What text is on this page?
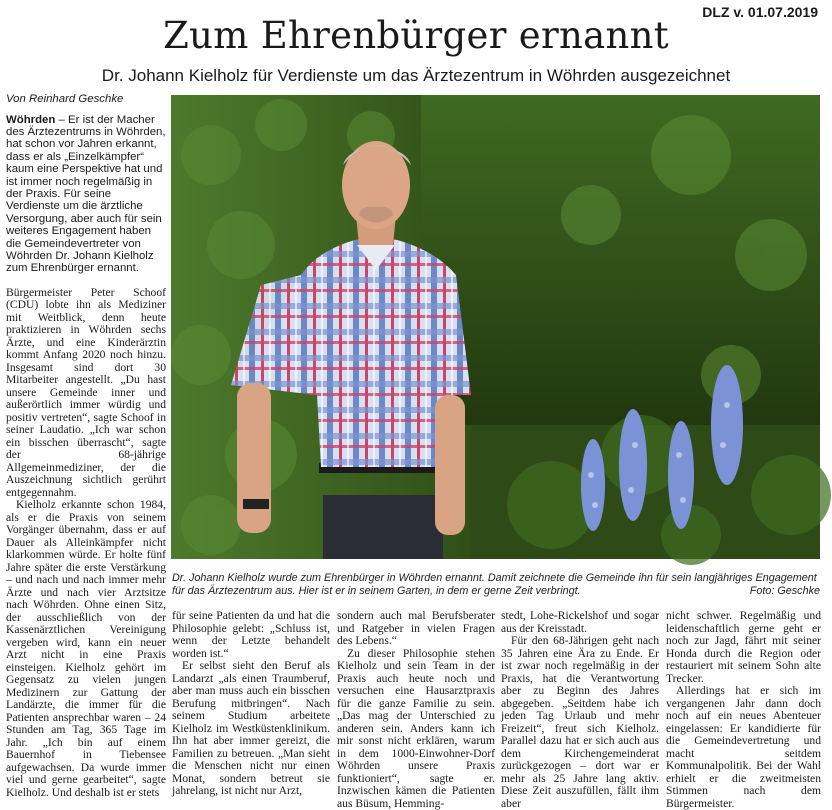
DLZ v. 01.07.2019
Zum Ehrenbürger ernannt
Dr. Johann Kielholz für Verdienste um das Ärztezentrum in Wöhrden ausgezeichnet
Von Reinhard Geschke

Wöhrden – Er ist der Macher des Ärztezentrums in Wöhrden, hat schon vor Jahren erkannt, dass er als „Einzelkämpfer“ kaum eine Perspektive hat und ist immer noch regelmäßig in der Praxis. Für seine Verdienste um die ärztliche Versorgung, aber auch für sein weiteres Engagement haben die Gemeindevertreter von Wöhrden Dr. Johann Kielholz zum Ehrenbürger ernannt.

Bürgermeister Peter Schoof (CDU) lobte ihn als Mediziner mit Weitblick, denn heute praktizieren in Wöhrden sechs Ärzte, und eine Kinderärztin kommt Anfang 2020 noch hinzu. Insgesamt sind dort 30 Mitarbeiter angestellt. „Du hast unsere Gemeinde inner und außerörtlich immer würdig und positiv vertreten“, sagte Schoof in seiner Laudatio. „Ich war schon ein bisschen überrascht“, sagte der 68-jährige Allgemeinmediziner, der die Auszeichnung sichtlich gerührt entgegennahm.

Kielholz erkannte schon 1984, als er die Praxis von seinem Vorgänger übernahm, dass er auf Dauer als Alleinkämpfer nicht klarkommen würde. Er holte fünf Jahre später die erste Verstärkung – und nach und nach immer mehr Ärzte und nach vier Arztsitze nach Wöhrden. Ohne einen Sitz, der ausschließlich von der Kassenärztlichen Vereinigung vergeben wird, kann ein neuer Arzt nicht in eine Praxis einsteigen. Kielholz gehört im Gegensatz zu vielen jungen Medizinern zur Gattung der Landärzte, die immer für die Patienten ansprechbar waren – 24 Stunden am Tag, 365 Tage im Jahr. „Ich bin auf einem Bauernhof in Tiebensee aufgewachsen. Da wurde immer viel und gerne gearbeitet“, sagte Kielholz. Und deshalb ist er stets

Dr. Johann Kielholz wurde zum Ehrenbürger in Wöhrden ernannt. Damit zeichnete die Gemeinde ihn für sein langjähriges Engagement für das Ärztezentrum aus. Hier ist er in seinem Garten, in dem er gerne Zeit verbringt.	Foto: Geschke

für seine Patienten da und hat die Philosophie gelebt: „Schluss ist, wenn der Letzte behandelt worden ist.“

Er selbst sieht den Beruf als Landarzt „als einen Traumberuf, aber man muss auch ein bisschen Berufung mitbringen“. Nach seinem Studium arbeitete Kielholz im Westküstenklinikum. Ihn hat aber immer gereizt, die Familien zu betreuen. „Man sieht die Menschen nicht nur einen Monat, sondern betreut sie jahrelang, ist nicht nur Arzt,

sondern auch mal Berufsberater und Ratgeber in vielen Fragen des Lebens.“

Zu dieser Philosophie stehen Kielholz und sein Team in der Praxis auch heute noch und versuchen eine Hausarztpraxis für die ganze Familie zu sein. „Das mag der Unterschied zu anderen sein. Anders kann ich mir sonst nicht erklären, warum in dem 1000-Einwohner-Dorf Wöhrden unsere Praxis funktioniert“, sagte er. Inzwischen kämen die Patienten aus Büsum, Hemming-

stedt, Lohe-Rickelshof und sogar aus der Kreisstadt.

Für den 68-Jährigen geht nach 35 Jahren eine Ära zu Ende. Er ist zwar noch regelmäßig in der Praxis, hat die Verantwortung aber zu Beginn des Jahres abgegeben. „Seitdem habe ich jeden Tag Urlaub und mehr Freizeit“, freut sich Kielholz. Parallel dazu hat er sich auch aus dem Kirchengemeinderat zurückgezogen – dort war er mehr als 25 Jahre lang aktiv. Diese Zeit auszufüllen, fällt ihm aber

nicht schwer. Regelmäßig und leidenschaftlich gerne geht er noch zur Jagd, fährt mit seiner Honda durch die Region oder restauriert mit seinem Sohn alte Trecker.

Allerdings hat er sich im vergangenen Jahr dann doch noch auf ein neues Abenteuer eingelassen: Er kandidierte für die Gemeindevertretung und macht seitdem Kommunalpolitik. Bei der Wahl erhielt er die zweitmeisten Stimmen nach dem Bürgermeister.
